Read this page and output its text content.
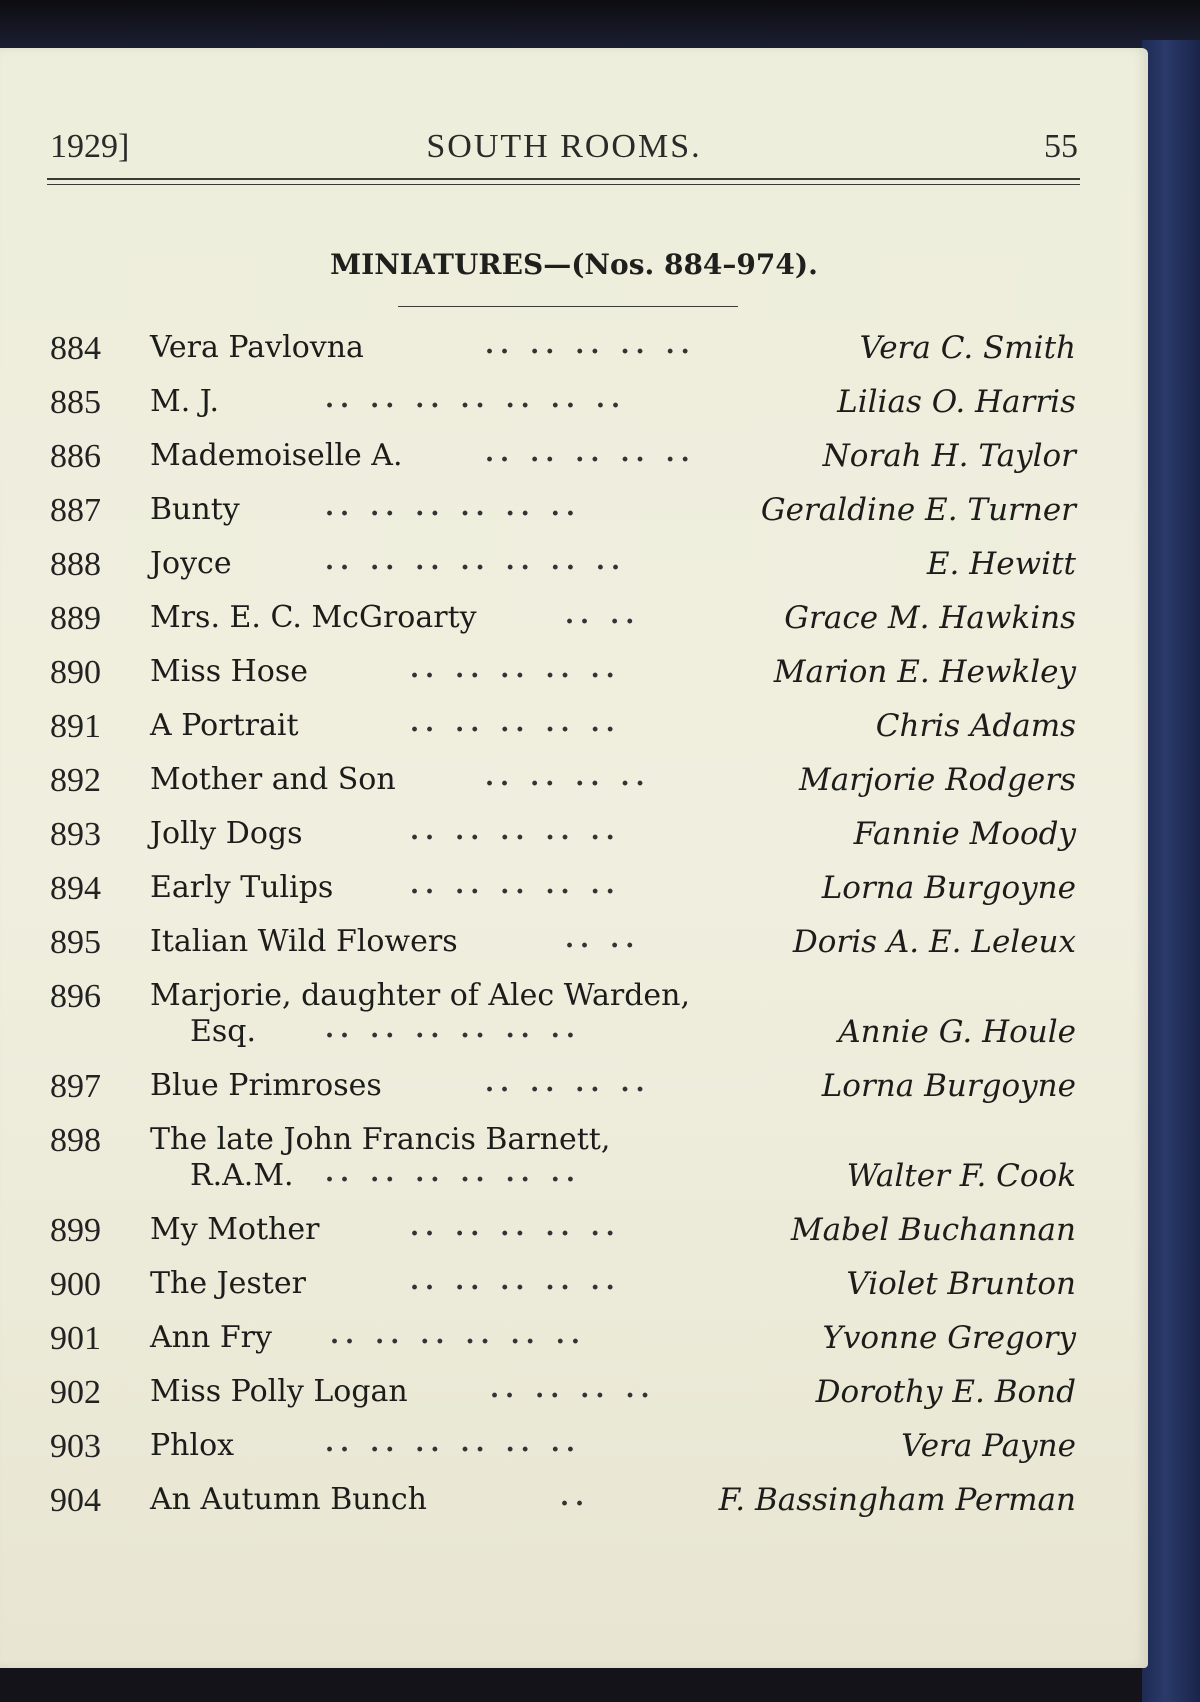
1929]	SOUTH ROOMS.	55
MINIATURES—(Nos. 884–974).
884 Vera Pavlovna	.. .. .. .. ..	Vera C. Smith
885 M. J.	.. .. .. .. .. .. ..	Lilias O. Harris
886 Mademoiselle A.	.. .. .. .. ..	Norah H. Taylor
887 Bunty	.. .. .. .. .. ..	Geraldine E. Turner
888 Joyce	.. .. .. .. .. .. ..	E. Hewitt
889 Mrs. E. C. McGroarty	.. ..	Grace M. Hawkins
890 Miss Hose	.. .. .. .. ..	Marion E. Hewkley
891 A Portrait	.. .. .. .. ..	Chris Adams
892 Mother and Son	.. .. .. ..	Marjorie Rodgers
893 Jolly Dogs	.. .. .. .. ..	Fannie Moody
894 Early Tulips	.. .. .. .. ..	Lorna Burgoyne
895 Italian Wild Flowers	.. ..	Doris A. E. Leleux
896 Marjorie, daughter of Alec Warden,
Esq.	.. .. .. .. .. ..	Annie G. Houle
897 Blue Primroses	.. .. .. ..	Lorna Burgoyne
898 The late John Francis Barnett,
R.A.M. .. .. .. .. .. ..	Walter F. Cook
899 My Mother	.. .. .. .. ..	Mabel Buchannan
900 The Jester	.. .. .. .. ..	Violet Brunton
901 Ann Fry .. .. .. .. .. ..	Yvonne Gregory
902 Miss Polly Logan	.. .. .. ..	Dorothy E. Bond
903 Phlox	.. .. .. .. .. ..	Vera Payne
904 An Autumn Bunch	..	F. Bassingham Perman
